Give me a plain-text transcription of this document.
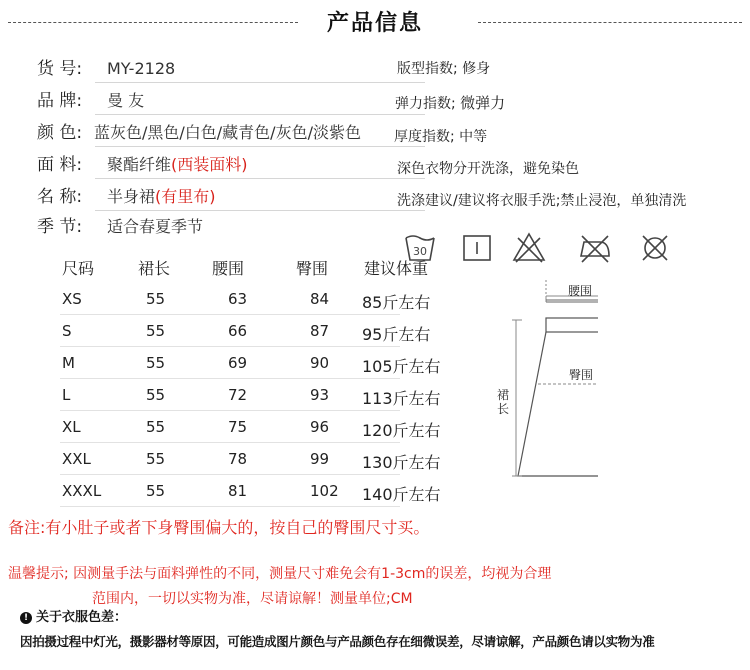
产品信息
货 号: MY-2128
品 牌: 曼 友
颜 色: 蓝灰色/黑色/白色/藏青色/灰色/淡紫色
面 料: 聚酯纤维(西装面料)
名 称: 半身裙(有里布)
季 节: 适合春夏季节
版型指数; 修身
弹力指数; 微弹力
厚度指数; 中等
深色衣物分开洗涤，避免染色
洗涤建议/建议将衣服手洗;禁止浸泡，单独清洗
30
尺码	裙长	腰围	臀围 建议体重
XS	55	63	84 85斤左右
S	55	66	87 95斤左右
M	55	69	90 105斤左右
L	55	72	93 113斤左右
XL	55	75	96 120斤左右
XXL	55	78	99 130斤左右
XXXL	55	81	102 140斤左右
腰围
臀围
裙长
备注:有小肚子或者下身臀围偏大的，按自己的臀围尺寸买。
温馨提示; 因测量手法与面料弹性的不同，测量尺寸难免会有1-3cm的误差，均视为合理
范围内，一切以实物为准，尽请谅解！测量单位;CM
! 关于衣服色差：
因拍摄过程中灯光，摄影器材等原因，可能造成图片颜色与产品颜色存在细微误差，尽请谅解，产品颜色请以实物为准
